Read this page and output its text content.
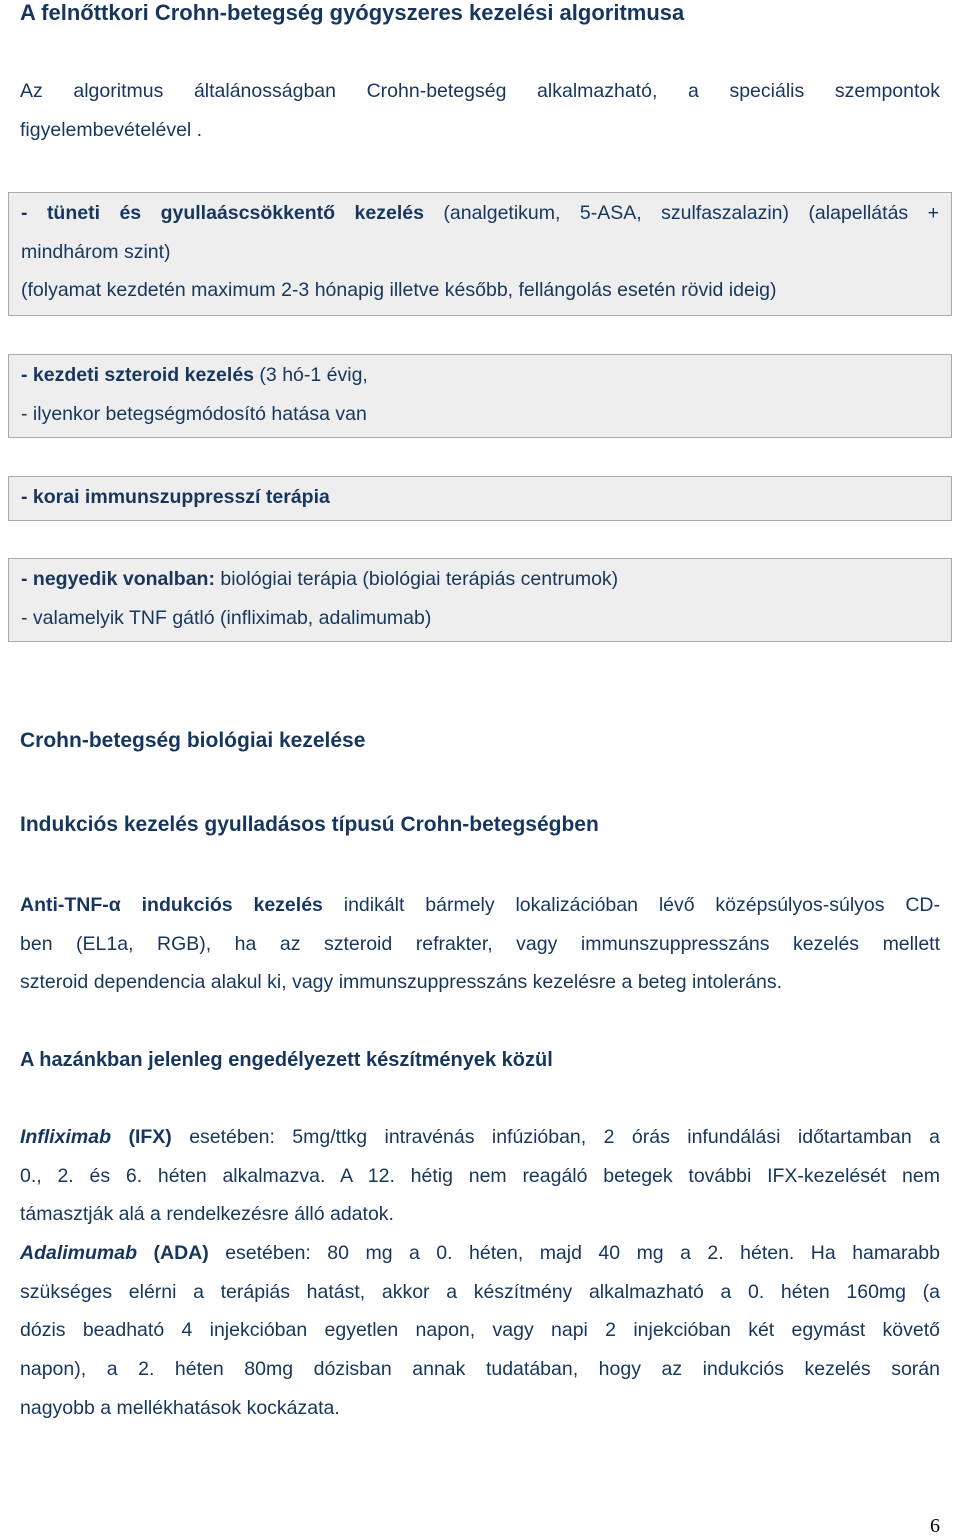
A felnőttkori Crohn-betegség gyógyszeres kezelési algoritmusa
Az algoritmus általánosságban Crohn-betegség alkalmazható, a speciális szempontok
figyelembevételével .
- tüneti és gyullaáscsökkentő kezelés (analgetikum, 5-ASA, szulfaszalazin) (alapellátás +
mindhárom szint)
(folyamat kezdetén maximum 2-3 hónapig illetve később, fellángolás esetén rövid ideig)
- kezdeti szteroid kezelés (3 hó-1 évig,
- ilyenkor betegségmódosító hatása van
- korai immunszuppresszí terápia
- negyedik vonalban: biológiai terápia (biológiai terápiás centrumok)
- valamelyik TNF gátló (infliximab, adalimumab)
Crohn-betegség biológiai kezelése
Indukciós kezelés gyulladásos típusú Crohn-betegségben
Anti-TNF-α indukciós kezelés indikált bármely lokalizációban lévő középsúlyos-súlyos CD-
ben (EL1a, RGB), ha az szteroid refrakter, vagy immunszuppresszáns kezelés mellett
szteroid dependencia alakul ki, vagy immunszuppresszáns kezelésre a beteg intoleráns.
A hazánkban jelenleg engedélyezett készítmények közül
Infliximab (IFX) esetében: 5mg/ttkg intravénás infúzióban, 2 órás infundálási időtartamban a
0., 2. és 6. héten alkalmazva. A 12. hétig nem reagáló betegek további IFX-kezelését nem
támasztják alá a rendelkezésre álló adatok.
Adalimumab (ADA) esetében: 80 mg a 0. héten, majd 40 mg a 2. héten. Ha hamarabb
szükséges elérni a terápiás hatást, akkor a készítmény alkalmazható a 0. héten 160mg (a
dózis beadható 4 injekcióban egyetlen napon, vagy napi 2 injekcióban két egymást követő
napon), a 2. héten 80mg dózisban annak tudatában, hogy az indukciós kezelés során
nagyobb a mellékhatások kockázata.
6
